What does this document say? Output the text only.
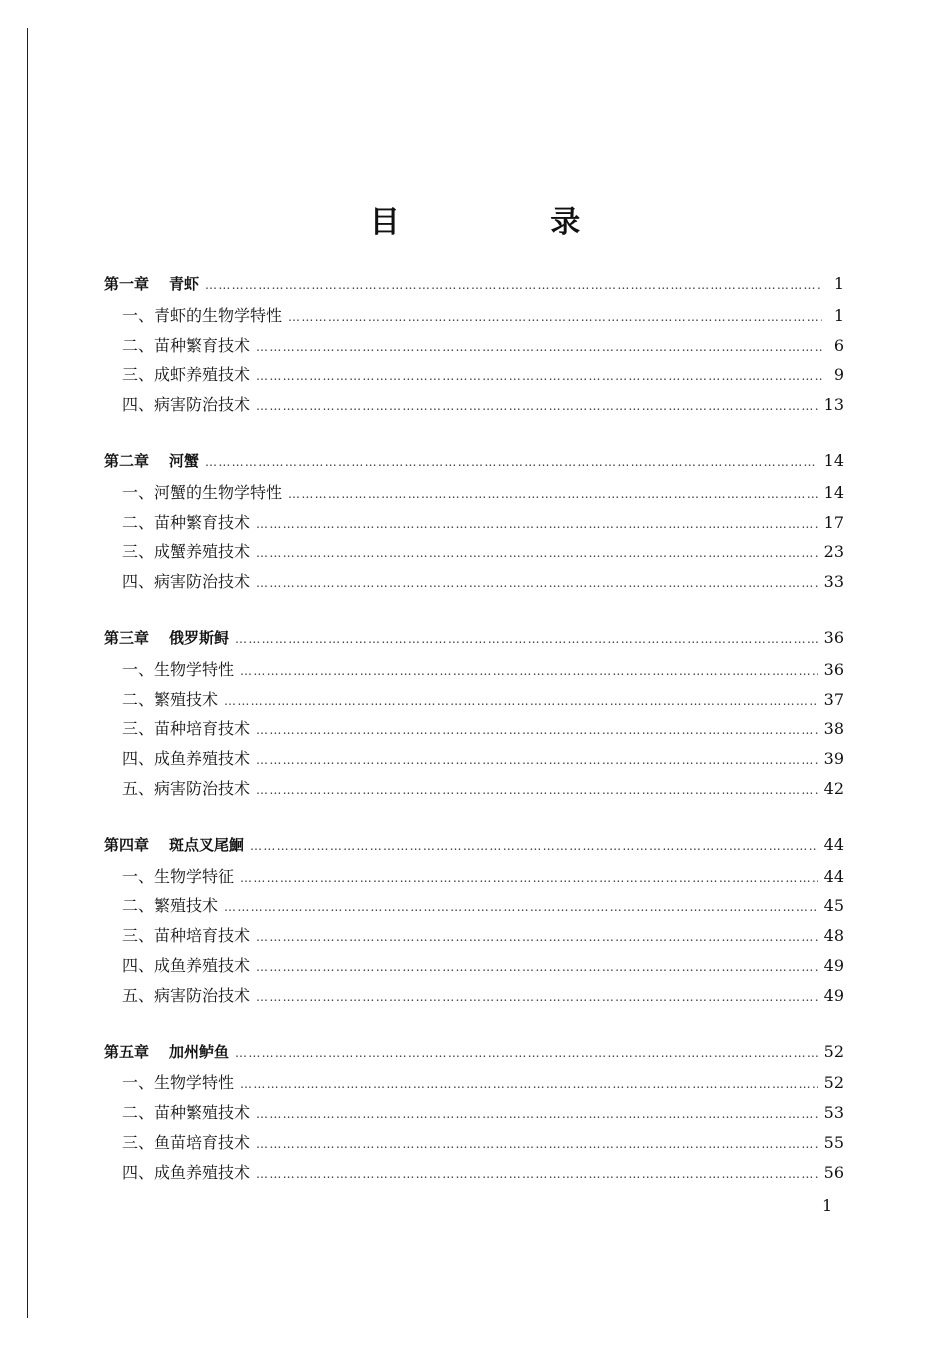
目 录
第一章 青虾 ……………………………………………………………………………………………………………………………………………………………………………………………………………………………………………………	1
一、青虾的生物学特性 ……………………………………………………………………………………………………………………………………………………………………………………………………………………………………………………	1
二、苗种繁育技术 ……………………………………………………………………………………………………………………………………………………………………………………………………………………………………………………	6
三、成虾养殖技术 ……………………………………………………………………………………………………………………………………………………………………………………………………………………………………………………	9
四、病害防治技术 ……………………………………………………………………………………………………………………………………………………………………………………………………………………………………………………	13
第二章 河蟹 ……………………………………………………………………………………………………………………………………………………………………………………………………………………………………………………	14
一、河蟹的生物学特性 ……………………………………………………………………………………………………………………………………………………………………………………………………………………………………………………	14
二、苗种繁育技术 ……………………………………………………………………………………………………………………………………………………………………………………………………………………………………………………	17
三、成蟹养殖技术 ……………………………………………………………………………………………………………………………………………………………………………………………………………………………………………………	23
四、病害防治技术 ……………………………………………………………………………………………………………………………………………………………………………………………………………………………………………………	33
第三章 俄罗斯鲟 ……………………………………………………………………………………………………………………………………………………………………………………………………………………………………………………	36
一、生物学特性 ……………………………………………………………………………………………………………………………………………………………………………………………………………………………………………………	36
二、繁殖技术 ……………………………………………………………………………………………………………………………………………………………………………………………………………………………………………………	37
三、苗种培育技术 ……………………………………………………………………………………………………………………………………………………………………………………………………………………………………………………	38
四、成鱼养殖技术 ……………………………………………………………………………………………………………………………………………………………………………………………………………………………………………………	39
五、病害防治技术 ……………………………………………………………………………………………………………………………………………………………………………………………………………………………………………………	42
第四章 斑点叉尾鮰 ……………………………………………………………………………………………………………………………………………………………………………………………………………………………………………………	44
一、生物学特征 ……………………………………………………………………………………………………………………………………………………………………………………………………………………………………………………	44
二、繁殖技术 ……………………………………………………………………………………………………………………………………………………………………………………………………………………………………………………	45
三、苗种培育技术 ……………………………………………………………………………………………………………………………………………………………………………………………………………………………………………………	48
四、成鱼养殖技术 ……………………………………………………………………………………………………………………………………………………………………………………………………………………………………………………	49
五、病害防治技术 ……………………………………………………………………………………………………………………………………………………………………………………………………………………………………………………	49
第五章 加州鲈鱼 ……………………………………………………………………………………………………………………………………………………………………………………………………………………………………………………	52
一、生物学特性 ……………………………………………………………………………………………………………………………………………………………………………………………………………………………………………………	52
二、苗种繁殖技术 ……………………………………………………………………………………………………………………………………………………………………………………………………………………………………………………	53
三、鱼苗培育技术 ……………………………………………………………………………………………………………………………………………………………………………………………………………………………………………………	55
四、成鱼养殖技术 ……………………………………………………………………………………………………………………………………………………………………………………………………………………………………………………	56
1
